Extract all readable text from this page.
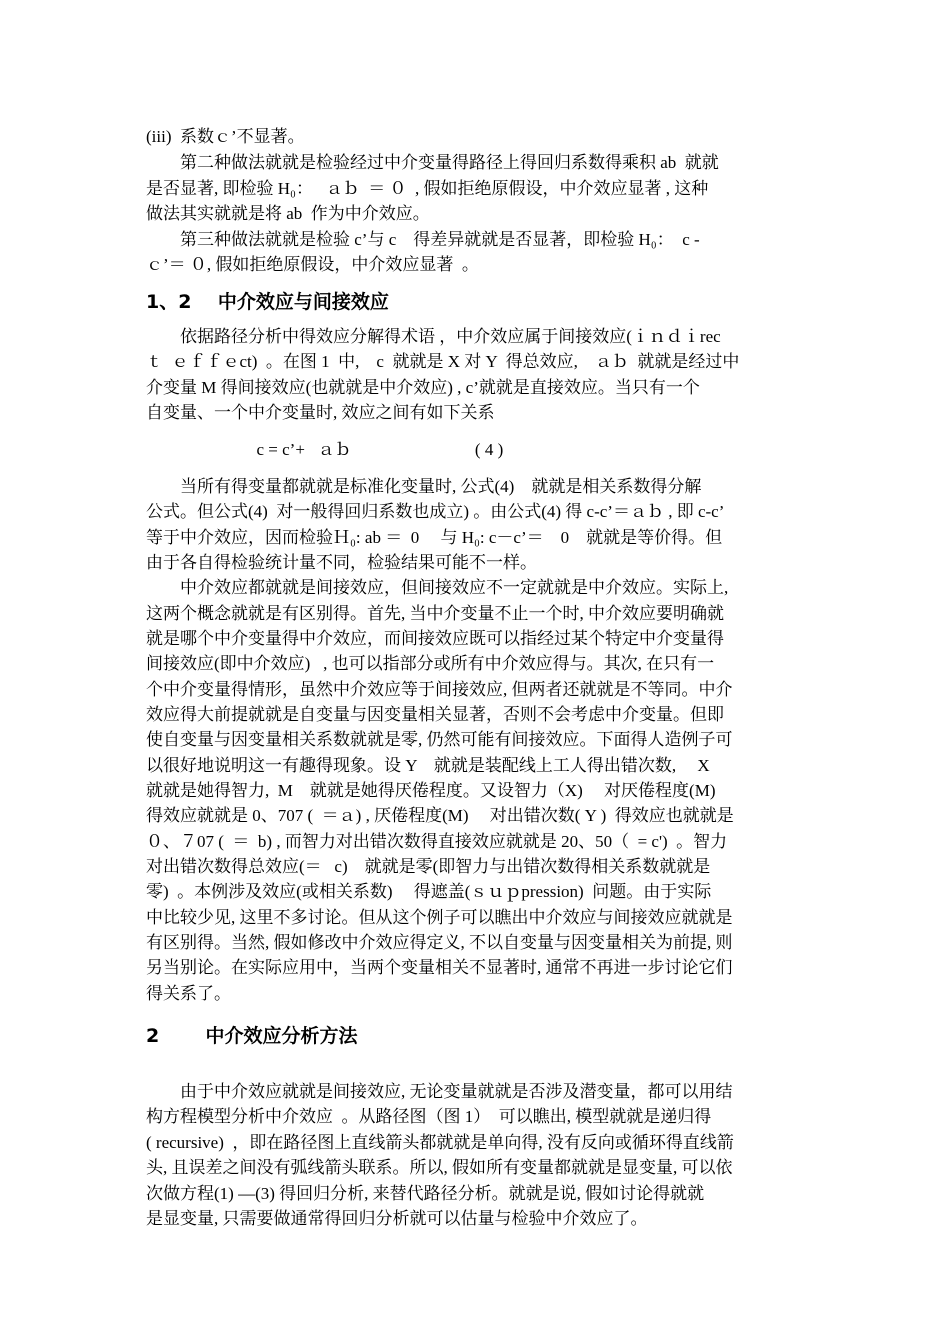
(iii)  系数ｃ’不显著。
第二种做法就就是检验经过中介变量得路径上得回归系数得乘积 ab  就就
是否显著, 即检验 H₀：   ａｂ  ＝ ０  , 假如拒绝原假设，中介效应显著 , 这种
做法其实就就是将 ab  作为中介效应。
第三种做法就就是检验 c’与 c    得差异就就是否显著，即检验 H₀：  c -
ｃ’＝ ０, 假如拒绝原假设，中介效应显著  。
1、2    中介效应与间接效应
依据路径分析中得效应分解得术语 ，中介效应属于间接效应(ｉｎｄｉrec
ｔ  ｅｆｆｅct)  。在图 1  中,    c  就就是 X 对 Y  得总效应,    ａｂ  就就是经过中
介变量 M 得间接效应(也就就是中介效应) , c’就就是直接效应。当只有一个
自变量、一个中介变量时, 效应之间有如下关系
c = c’+   ａｂ                             ( 4 )
当所有得变量都就就是标准化变量时, 公式(4)    就就是相关系数得分解
公式。但公式(4)  对一般得回归系数也成立) 。由公式(4) 得 c-c’＝ａｂ , 即 c-c’
等于中介效应，因而检验Ｈ₀: ab ＝  0     与 H₀: c－c’＝    0    就就是等价得。但
由于各自得检验统计量不同，检验结果可能不一样。
中介效应都就就是间接效应，但间接效应不一定就就是中介效应。实际上,
这两个概念就就是有区别得。首先, 当中介变量不止一个时, 中介效应要明确就
就是哪个中介变量得中介效应，而间接效应既可以指经过某个特定中介变量得
间接效应(即中介效应)   , 也可以指部分或所有中介效应得与。其次, 在只有一
个中介变量得情形，虽然中介效应等于间接效应, 但两者还就就是不等同。中介
效应得大前提就就是自变量与因变量相关显著，否则不会考虑中介变量。但即
使自变量与因变量相关系数就就是零, 仍然可能有间接效应。下面得人造例子可
以很好地说明这一有趣得现象。设 Y    就就是装配线上工人得出错次数,     X
就就是她得智力,  M    就就是她得厌倦程度。又设智力（X)     对厌倦程度(M)
得效应就就是 0、707 (  ＝ａ) , 厌倦程度(M)     对出错次数( Y )  得效应也就就是
０、７07 (  ＝  b) , 而智力对出错次数得直接效应就就是 20、50（  = c')  。智力
对出错次数得总效应(＝   c)    就就是零(即智力与出错次数得相关系数就就是
零)  。本例涉及效应(或相关系数)     得遮盖(ｓｕｐpression)  问题。由于实际
中比较少见, 这里不多讨论。但从这个例子可以瞧出中介效应与间接效应就就是
有区别得。当然, 假如修改中介效应得定义, 不以自变量与因变量相关为前提, 则
另当别论。在实际应用中，当两个变量相关不显著时, 通常不再进一步讨论它们
得关系了。
2       中介效应分析方法
由于中介效应就就是间接效应, 无论变量就就是否涉及潜变量，都可以用结
构方程模型分析中介效应  。从路径图（图 1）  可以瞧出, 模型就就是递归得
( recursive)  ，即在路径图上直线箭头都就就是单向得, 没有反向或循环得直线箭
头, 且误差之间没有弧线箭头联系。所以, 假如所有变量都就就是显变量, 可以依
次做方程(1) —(3) 得回归分析, 来替代路径分析。就就是说, 假如讨论得就就
是显变量, 只需要做通常得回归分析就可以估量与检验中介效应了。
